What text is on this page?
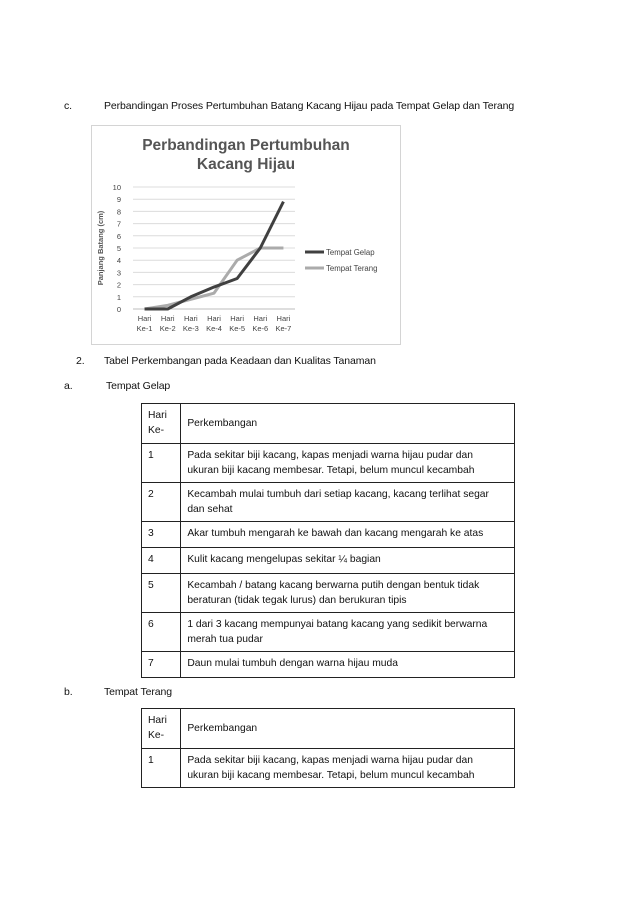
c.	Perbandingan Proses Pertumbuhan Batang Kacang Hijau pada Tempat Gelap dan Terang
Perbandingan Pertumbuhan
Kacang Hijau
0
1
2
3
4
5
6
7
8
9
10
Panjang Batang (cm)
Hari
Ke-1
Hari
Ke-2
Hari
Ke-3
Hari
Ke-4
Hari
Ke-5
Hari
Ke-6
Hari
Ke-7
Tempat Gelap
Tempat Terang
2. Tabel Perkembangan pada Keadaan dan Kualitas Tanaman
a.	Tempat Gelap
Hari
Ke-	Perkembangan
1	Pada sekitar biji kacang, kapas menjadi warna hijau pudar dan
ukuran biji kacang membesar. Tetapi, belum muncul kecambah

2	Kecambah mulai tumbuh dari setiap kacang, kacang terlihat segar
dan sehat

3	Akar tumbuh mengarah ke bawah dan kacang mengarah ke atas

4	Kulit kacang mengelupas sekitar ¼ bagian

5	Kecambah / batang kacang berwarna putih dengan bentuk tidak
beraturan (tidak tegak lurus) dan berukuran tipis

6	1 dari 3 kacang mempunyai batang kacang yang sedikit berwarna
merah tua pudar

7	Daun mulai tumbuh dengan warna hijau muda
b.	Tempat Terang
Hari
Ke-	Perkembangan
1	Pada sekitar biji kacang, kapas menjadi warna hijau pudar dan
ukuran biji kacang membesar. Tetapi, belum muncul kecambah
